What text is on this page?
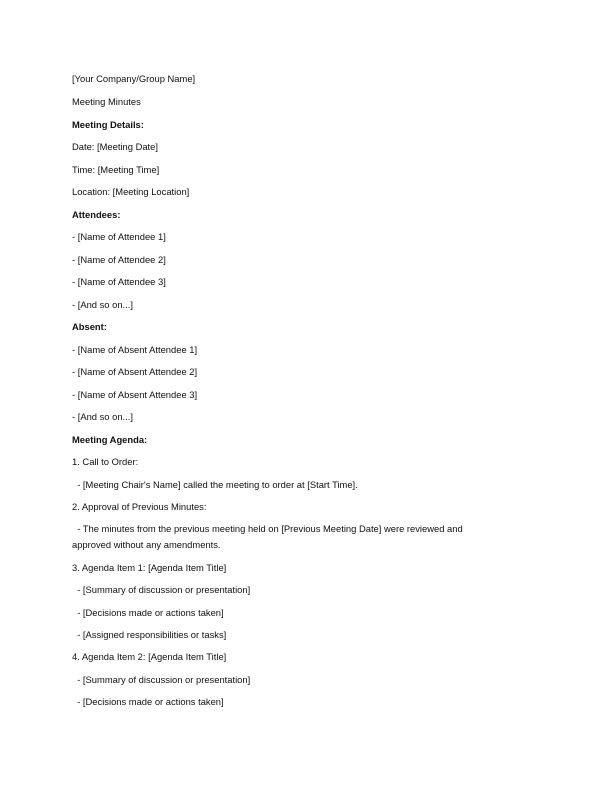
[Your Company/Group Name]
Meeting Minutes
Meeting Details:
Date: [Meeting Date]
Time: [Meeting Time]
Location: [Meeting Location]
Attendees:
- [Name of Attendee 1]
- [Name of Attendee 2]
- [Name of Attendee 3]
- [And so on...]
Absent:
- [Name of Absent Attendee 1]
- [Name of Absent Attendee 2]
- [Name of Absent Attendee 3]
- [And so on...]
Meeting Agenda:
1. Call to Order:
- [Meeting Chair's Name] called the meeting to order at [Start Time].
2. Approval of Previous Minutes:
- The minutes from the previous meeting held on [Previous Meeting Date] were reviewed and approved without any amendments.
3. Agenda Item 1: [Agenda Item Title]
- [Summary of discussion or presentation]
- [Decisions made or actions taken]
- [Assigned responsibilities or tasks]
4. Agenda Item 2: [Agenda Item Title]
- [Summary of discussion or presentation]
- [Decisions made or actions taken]
